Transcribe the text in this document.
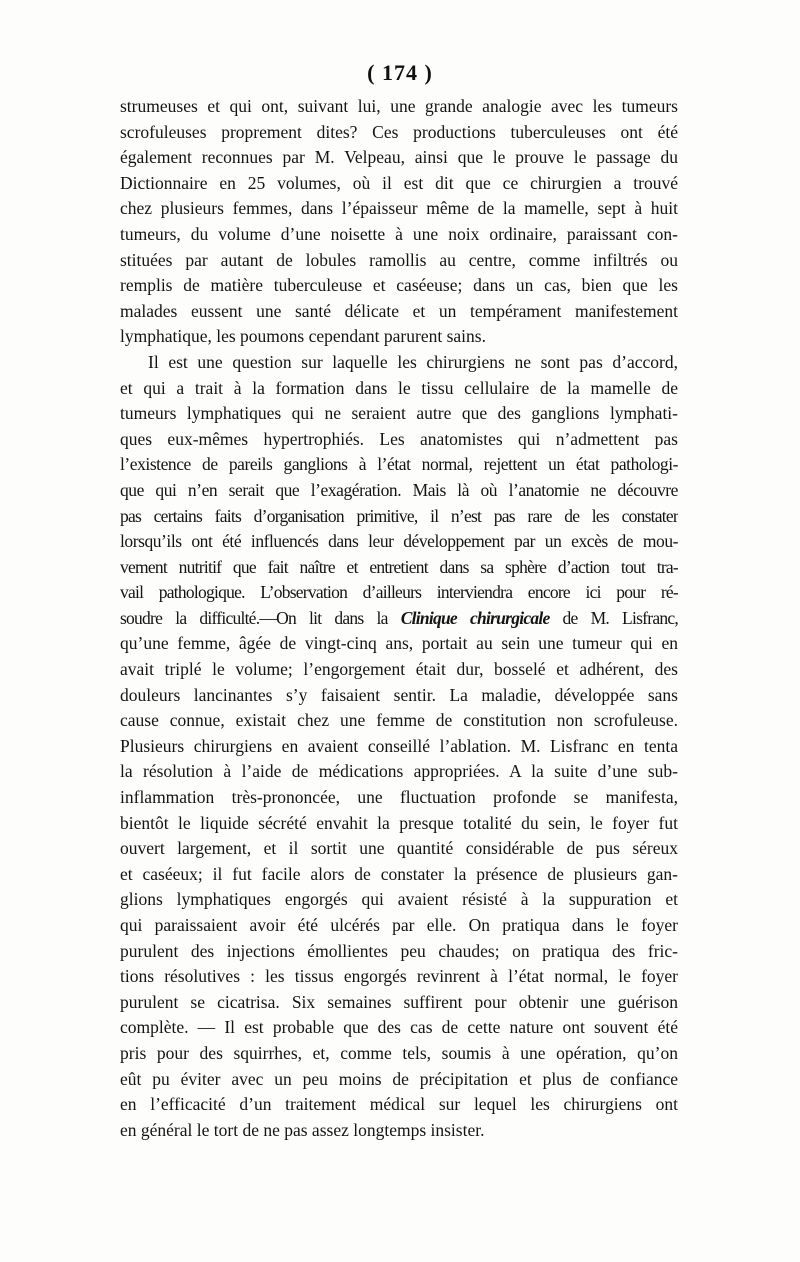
( 174 )
strumeuses et qui ont, suivant lui, une grande analogie avec les tumeurs
scrofuleuses proprement dites? Ces productions tuberculeuses ont été
également reconnues par M. Velpeau, ainsi que le prouve le passage du
Dictionnaire en 25 volumes, où il est dit que ce chirurgien a trouvé
chez plusieurs femmes, dans l’épaisseur même de la mamelle, sept à huit
tumeurs, du volume d’une noisette à une noix ordinaire, paraissant con-
stituées par autant de lobules ramollis au centre, comme infiltrés ou
remplis de matière tuberculeuse et caséeuse; dans un cas, bien que les
malades eussent une santé délicate et un tempérament manifestement
lymphatique, les poumons cependant parurent sains.
Il est une question sur laquelle les chirurgiens ne sont pas d’accord,
et qui a trait à la formation dans le tissu cellulaire de la mamelle de
tumeurs lymphatiques qui ne seraient autre que des ganglions lymphati-
ques eux-mêmes hypertrophiés. Les anatomistes qui n’admettent pas
l’existence de pareils ganglions à l’état normal, rejettent un état pathologi-
que qui n’en serait que l’exagération. Mais là où l’anatomie ne découvre
pas certains faits d’organisation primitive, il n’est pas rare de les constater
lorsqu’ils ont été influencés dans leur développement par un excès de mou-
vement nutritif que fait naître et entretient dans sa sphère d’action tout tra-
vail pathologique. L’observation d’ailleurs interviendra encore ici pour ré-
soudre la difficulté.—On lit dans la Clinique chirurgicale de M. Lisfranc,
qu’une femme, âgée de vingt-cinq ans, portait au sein une tumeur qui en
avait triplé le volume; l’engorgement était dur, bosselé et adhérent, des
douleurs lancinantes s’y faisaient sentir. La maladie, développée sans
cause connue, existait chez une femme de constitution non scrofuleuse.
Plusieurs chirurgiens en avaient conseillé l’ablation. M. Lisfranc en tenta
la résolution à l’aide de médications appropriées. A la suite d’une sub-
inflammation très-prononcée, une fluctuation profonde se manifesta,
bientôt le liquide sécrété envahit la presque totalité du sein, le foyer fut
ouvert largement, et il sortit une quantité considérable de pus séreux
et caséeux; il fut facile alors de constater la présence de plusieurs gan-
glions lymphatiques engorgés qui avaient résisté à la suppuration et
qui paraissaient avoir été ulcérés par elle. On pratiqua dans le foyer
purulent des injections émollientes peu chaudes; on pratiqua des fric-
tions résolutives : les tissus engorgés revinrent à l’état normal, le foyer
purulent se cicatrisa. Six semaines suffirent pour obtenir une guérison
complète. — Il est probable que des cas de cette nature ont souvent été
pris pour des squirrhes, et, comme tels, soumis à une opération, qu’on
eût pu éviter avec un peu moins de précipitation et plus de confiance
en l’efficacité d’un traitement médical sur lequel les chirurgiens ont
en général le tort de ne pas assez longtemps insister.
